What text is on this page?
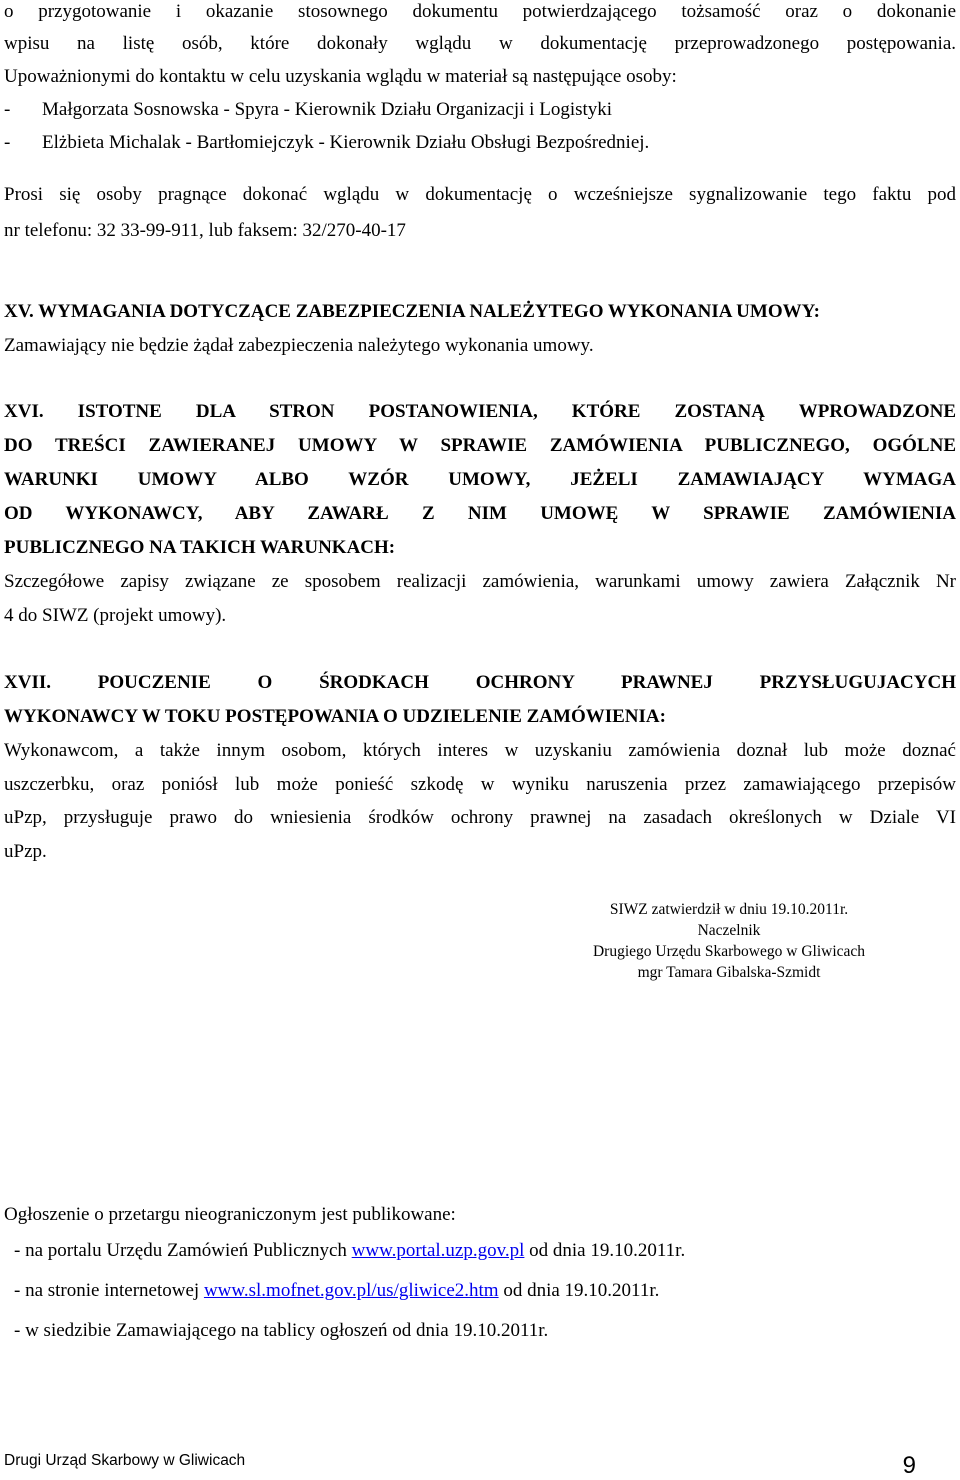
o przygotowanie i okazanie stosownego dokumentu potwierdzającego tożsamość oraz o dokonanie
wpisu na listę osób, które dokonały wglądu w dokumentację przeprowadzonego postępowania.
Upoważnionymi do kontaktu w celu uzyskania wglądu w materiał są następujące osoby:
- Małgorzata Sosnowska - Spyra - Kierownik Działu Organizacji i Logistyki
- Elżbieta Michalak - Bartłomiejczyk - Kierownik Działu Obsługi Bezpośredniej.
Prosi się osoby pragnące dokonać wglądu w dokumentację o wcześniejsze sygnalizowanie tego faktu pod
nr telefonu: 32 33-99-911, lub faksem: 32/270-40-17
XV. WYMAGANIA DOTYCZĄCE ZABEZPIECZENIA NALEŻYTEGO WYKONANIA UMOWY:
Zamawiający nie będzie żądał zabezpieczenia należytego wykonania umowy.
XVI. ISTOTNE DLA STRON POSTANOWIENIA, KTÓRE ZOSTANĄ WPROWADZONE
DO TREŚCI ZAWIERANEJ UMOWY W SPRAWIE ZAMÓWIENIA PUBLICZNEGO, OGÓLNE
WARUNKI UMOWY ALBO WZÓR UMOWY, JEŻELI ZAMAWIAJĄCY WYMAGA
OD WYKONAWCY, ABY ZAWARŁ Z NIM UMOWĘ W SPRAWIE ZAMÓWIENIA
PUBLICZNEGO NA TAKICH WARUNKACH:
Szczegółowe zapisy związane ze sposobem realizacji zamówienia, warunkami umowy zawiera Załącznik Nr
4 do SIWZ (projekt umowy).
XVII. POUCZENIE O ŚRODKACH OCHRONY PRAWNEJ PRZYSŁUGUJACYCH
WYKONAWCY W TOKU POSTĘPOWANIA O UDZIELENIE ZAMÓWIENIA:
Wykonawcom, a także innym osobom, których interes w uzyskaniu zamówienia doznał lub może doznać
uszczerbku, oraz poniósł lub może ponieść szkodę w wyniku naruszenia przez zamawiającego przepisów
uPzp, przysługuje prawo do wniesienia środków ochrony prawnej na zasadach określonych w Dziale VI
uPzp.
SIWZ zatwierdził w dniu 19.10.2011r.
Naczelnik
Drugiego Urzędu Skarbowego w Gliwicach
mgr Tamara Gibalska-Szmidt
Ogłoszenie o przetargu nieograniczonym jest publikowane:
- na portalu Urzędu Zamówień Publicznych www.portal.uzp.gov.pl od dnia 19.10.2011r.
- na stronie internetowej www.sl.mofnet.gov.pl/us/gliwice2.htm od dnia 19.10.2011r.
- w siedzibie Zamawiającego na tablicy ogłoszeń od dnia 19.10.2011r.
Drugi Urząd Skarbowy w Gliwicach	9
